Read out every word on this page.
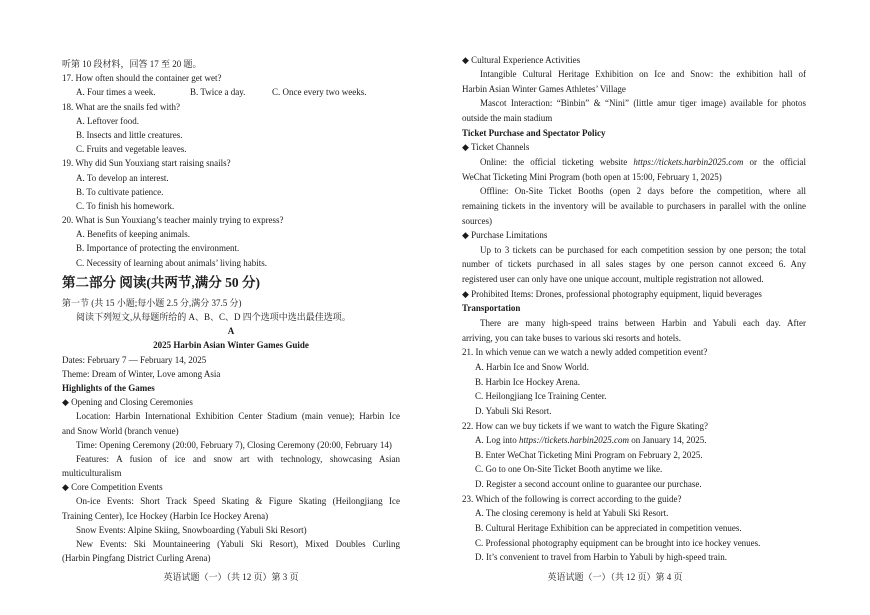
听第 10 段材料，回答 17 至 20 题。
17. How often should the container get wet?
A. Four times a week.	B. Twice a day.	C. Once every two weeks.
18. What are the snails fed with?
A. Leftover food.
B. Insects and little creatures.
C. Fruits and vegetable leaves.
19. Why did Sun Youxiang start raising snails?
A. To develop an interest.
B. To cultivate patience.
C. To finish his homework.
20. What is Sun Youxiang’s teacher mainly trying to express?
A. Benefits of keeping animals.
B. Importance of protecting the environment.
C. Necessity of learning about animals’ living habits.
第二部分 阅读(共两节,满分 50 分)
第一节 (共 15 小题;每小题 2.5 分,满分 37.5 分)
阅读下列短文,从每题所给的 A、B、C、D 四个选项中选出最佳选项。
A
2025 Harbin Asian Winter Games Guide
Dates: February 7 — February 14, 2025
Theme: Dream of Winter, Love among Asia
Highlights of the Games
◆ Opening and Closing Ceremonies
Location: Harbin International Exhibition Center Stadium (main venue); Harbin Ice
and Snow World (branch venue)
Time: Opening Ceremony (20:00, February 7), Closing Ceremony (20:00, February 14)
Features: A fusion of ice and snow art with technology, showcasing Asian
multiculturalism
◆ Core Competition Events
On-ice Events: Short Track Speed Skating & Figure Skating (Heilongjiang Ice
Training Center), Ice Hockey (Harbin Ice Hockey Arena)
Snow Events: Alpine Skiing, Snowboarding (Yabuli Ski Resort)
New Events: Ski Mountaineering (Yabuli Ski Resort), Mixed Doubles Curling
(Harbin Pingfang District Curling Arena)
◆ Cultural Experience Activities
Intangible Cultural Heritage Exhibition on Ice and Snow: the exhibition hall of
Harbin Asian Winter Games Athletes’ Village
Mascot Interaction: “Binbin” & “Nini” (little amur tiger image) available for photos
outside the main stadium
Ticket Purchase and Spectator Policy
◆ Ticket Channels
Online: the official ticketing website https://tickets.harbin2025.com or the official
WeChat Ticketing Mini Program (both open at 15:00, February 1, 2025)
Offline: On-Site Ticket Booths (open 2 days before the competition, where all
remaining tickets in the inventory will be available to purchasers in parallel with the online
sources)
◆ Purchase Limitations
Up to 3 tickets can be purchased for each competition session by one person; the total
number of tickets purchased in all sales stages by one person cannot exceed 6. Any
registered user can only have one unique account, multiple registration not allowed.
◆ Prohibited Items: Drones, professional photography equipment, liquid beverages
Transportation
There are many high-speed trains between Harbin and Yabuli each day. After
arriving, you can take buses to various ski resorts and hotels.
21. In which venue can we watch a newly added competition event?
A. Harbin Ice and Snow World.
B. Harbin Ice Hockey Arena.
C. Heilongjiang Ice Training Center.
D. Yabuli Ski Resort.
22. How can we buy tickets if we want to watch the Figure Skating?
A. Log into https://tickets.harbin2025.com on January 14, 2025.
B. Enter WeChat Ticketing Mini Program on February 2, 2025.
C. Go to one On-Site Ticket Booth anytime we like.
D. Register a second account online to guarantee our purchase.
23. Which of the following is correct according to the guide?
A. The closing ceremony is held at Yabuli Ski Resort.
B. Cultural Heritage Exhibition can be appreciated in competition venues.
C. Professional photography equipment can be brought into ice hockey venues.
D. It’s convenient to travel from Harbin to Yabuli by high-speed train.
英语试题（一）（共 12 页）第 3 页	英语试题（一）（共 12 页）第 4 页
